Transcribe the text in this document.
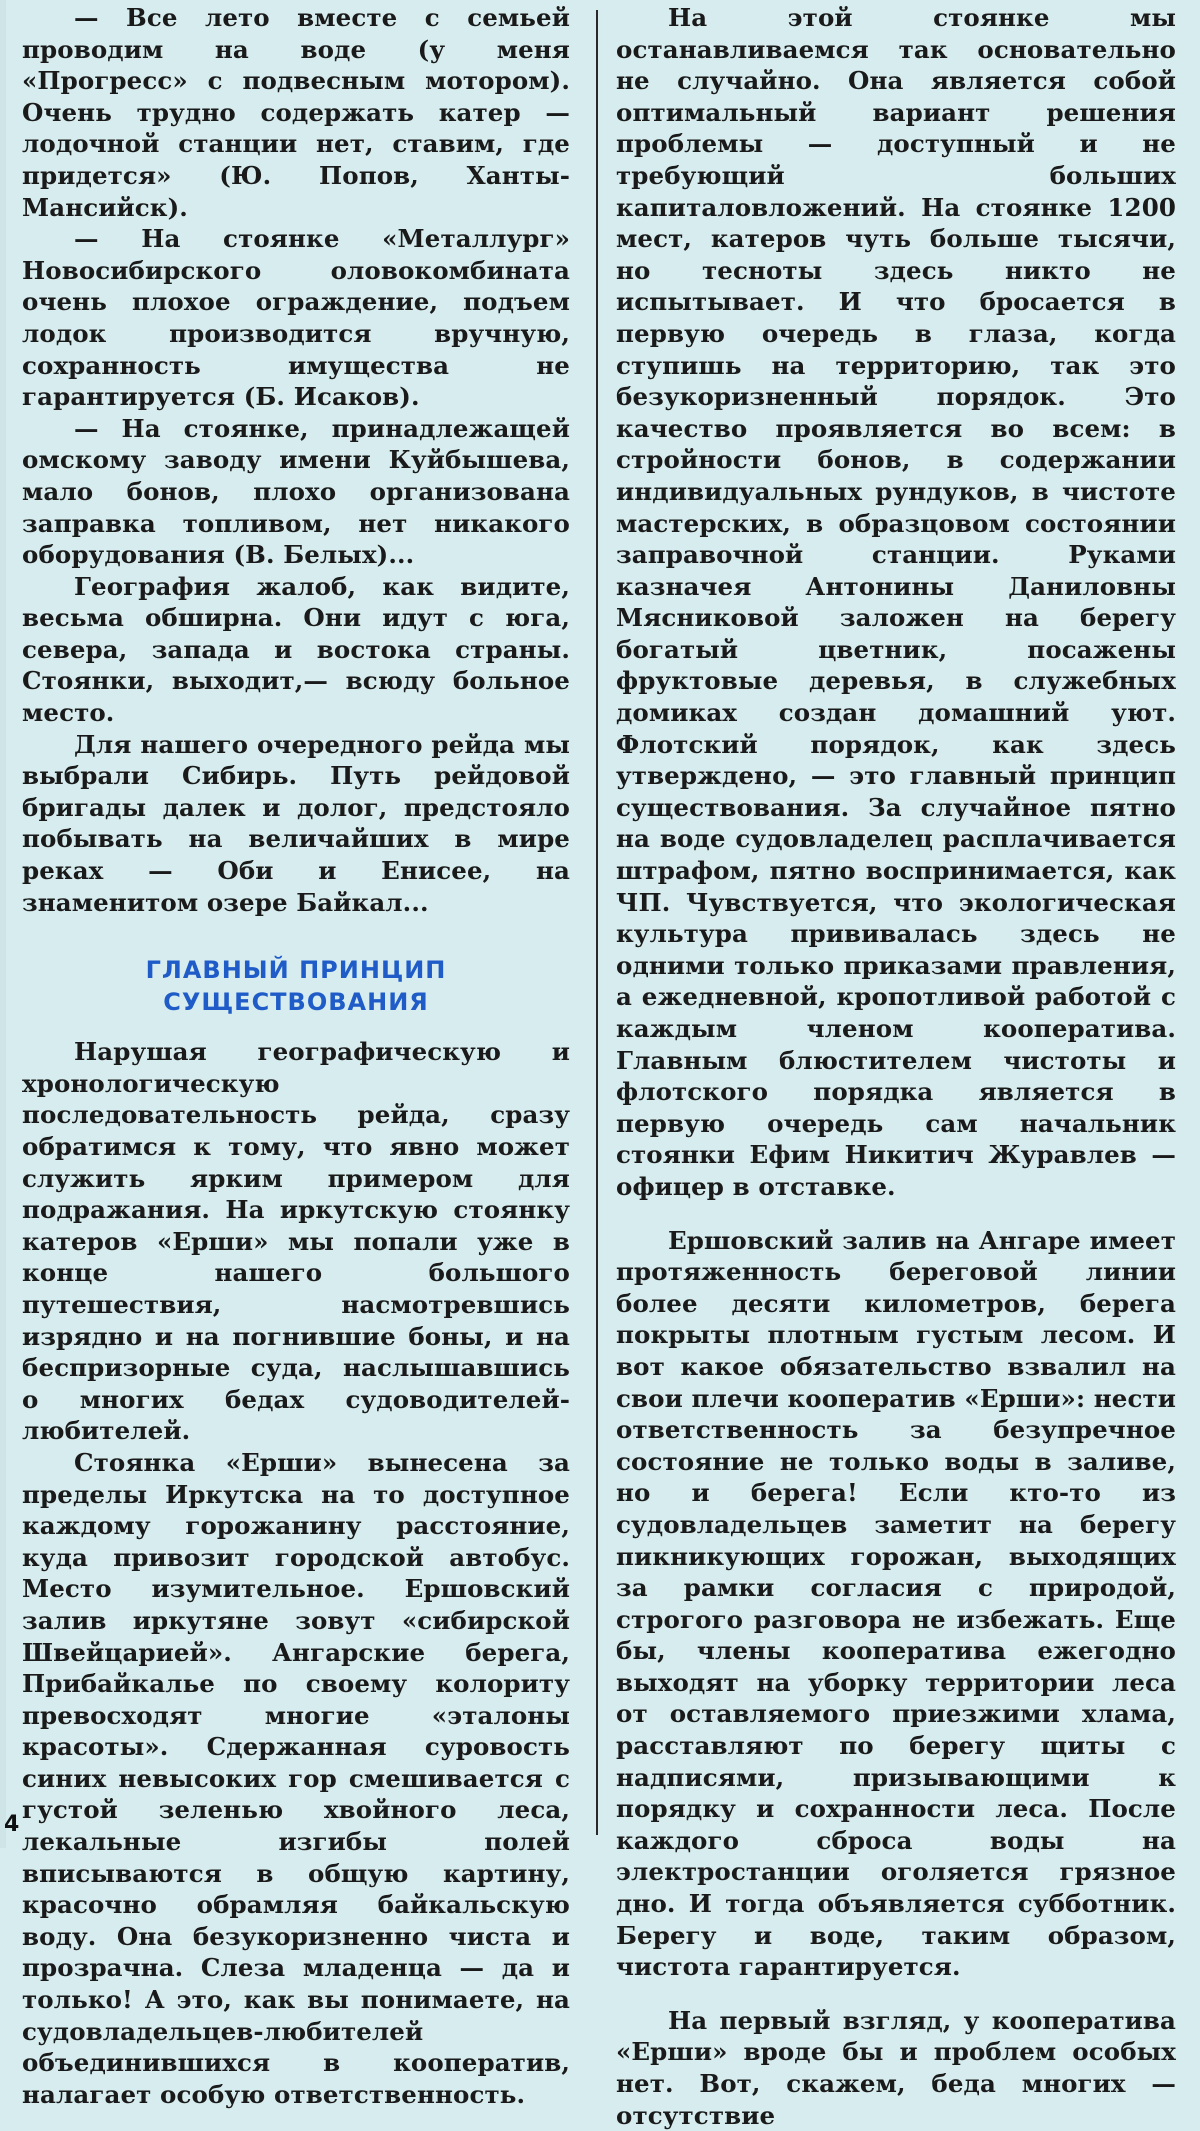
— Все лето вместе с семьей проводим на воде (у меня «Прогресс» с подвесным мотором). Очень трудно содержать катер — лодочной станции нет, ставим, где придется» (Ю. Попов, Ханты-Мансийск).

— На стоянке «Металлург» Новосибирского оловокомбината очень плохое ограждение, подъем лодок производится вручную, сохранность имущества не гарантируется (Б. Исаков).

— На стоянке, принадлежащей омскому заводу имени Куйбышева, мало бонов, плохо организована заправка топливом, нет никакого оборудования (В. Белых)...

География жалоб, как видите, весьма обширна. Они идут с юга, севера, запада и востока страны. Стоянки, выходит,— всюду больное место.

Для нашего очередного рейда мы выбрали Сибирь. Путь рейдовой бригады далек и долог, предстояло побывать на величайших в мире реках — Оби и Енисее, на знаменитом озере Байкал...

ГЛАВНЫЙ ПРИНЦИП
СУЩЕСТВОВАНИЯ

Нарушая географическую и хронологическую последовательность рейда, сразу обратимся к тому, что явно может служить ярким примером для подражания. На иркутскую стоянку катеров «Ерши» мы попали уже в конце нашего большого путешествия, насмотревшись изрядно и на погнившие боны, и на беспризорные суда, наслышавшись о многих бедах судоводителей-любителей.

Стоянка «Ерши» вынесена за пределы Иркутска на то доступное каждому горожанину расстояние, куда привозит городской автобус. Место изумительное. Ершовский залив иркутяне зовут «сибирской Швейцарией». Ангарские берега, Прибайкалье по своему колориту превосходят многие «эталоны красоты». Сдержанная суровость синих невысоких гор смешивается с густой зеленью хвойного леса, лекальные изгибы полей вписываются в общую картину, красочно обрамляя байкальскую воду. Она безукоризненно чиста и прозрачна. Слеза младенца — да и только! А это, как вы понимаете, на судовладельцев-любителей объединившихся в кооператив, налагает особую ответственность.

На этой стоянке мы останавливаемся так основательно не случайно. Она является собой оптимальный вариант решения проблемы — доступный и не требующий больших капиталовложений. На стоянке 1200 мест, катеров чуть больше тысячи, но тесноты здесь никто не испытывает. И что бросается в первую очередь в глаза, когда ступишь на территорию, так это безукоризненный порядок. Это качество проявляется во всем: в стройности бонов, в содержании индивидуальных рундуков, в чистоте мастерских, в образцовом состоянии заправочной станции. Руками казначея Антонины Даниловны Мясниковой заложен на берегу богатый цветник, посажены фруктовые деревья, в служебных домиках создан домашний уют. Флотский порядок, как здесь утверждено, — это главный принцип существования. За случайное пятно на воде судовладелец расплачивается штрафом, пятно воспринимается, как ЧП. Чувствуется, что экологическая культура прививалась здесь не одними только приказами правления, а ежедневной, кропотливой работой с каждым членом кооператива. Главным блюстителем чистоты и флотского порядка является в первую очередь сам начальник стоянки Ефим Никитич Журавлев — офицер в отставке.

Ершовский залив на Ангаре имеет протяженность береговой линии более десяти километров, берега покрыты плотным густым лесом. И вот какое обязательство взвалил на свои плечи кооператив «Ерши»: нести ответственность за безупречное состояние не только воды в заливе, но и берега! Если кто-то из судовладельцев заметит на берегу пикникующих горожан, выходящих за рамки согласия с природой, строгого разговора не избежать. Еще бы, члены кооператива ежегодно выходят на уборку территории леса от оставляемого приезжими хлама, расставляют по берегу щиты с надписями, призывающими к порядку и сохранности леса. После каждого сброса воды на электростанции оголяется грязное дно. И тогда объявляется субботник. Берегу и воде, таким образом, чистота гарантируется.

На первый взгляд, у кооператива «Ерши» вроде бы и проблем особых нет. Вот, скажем, беда многих — отсутствие

4
